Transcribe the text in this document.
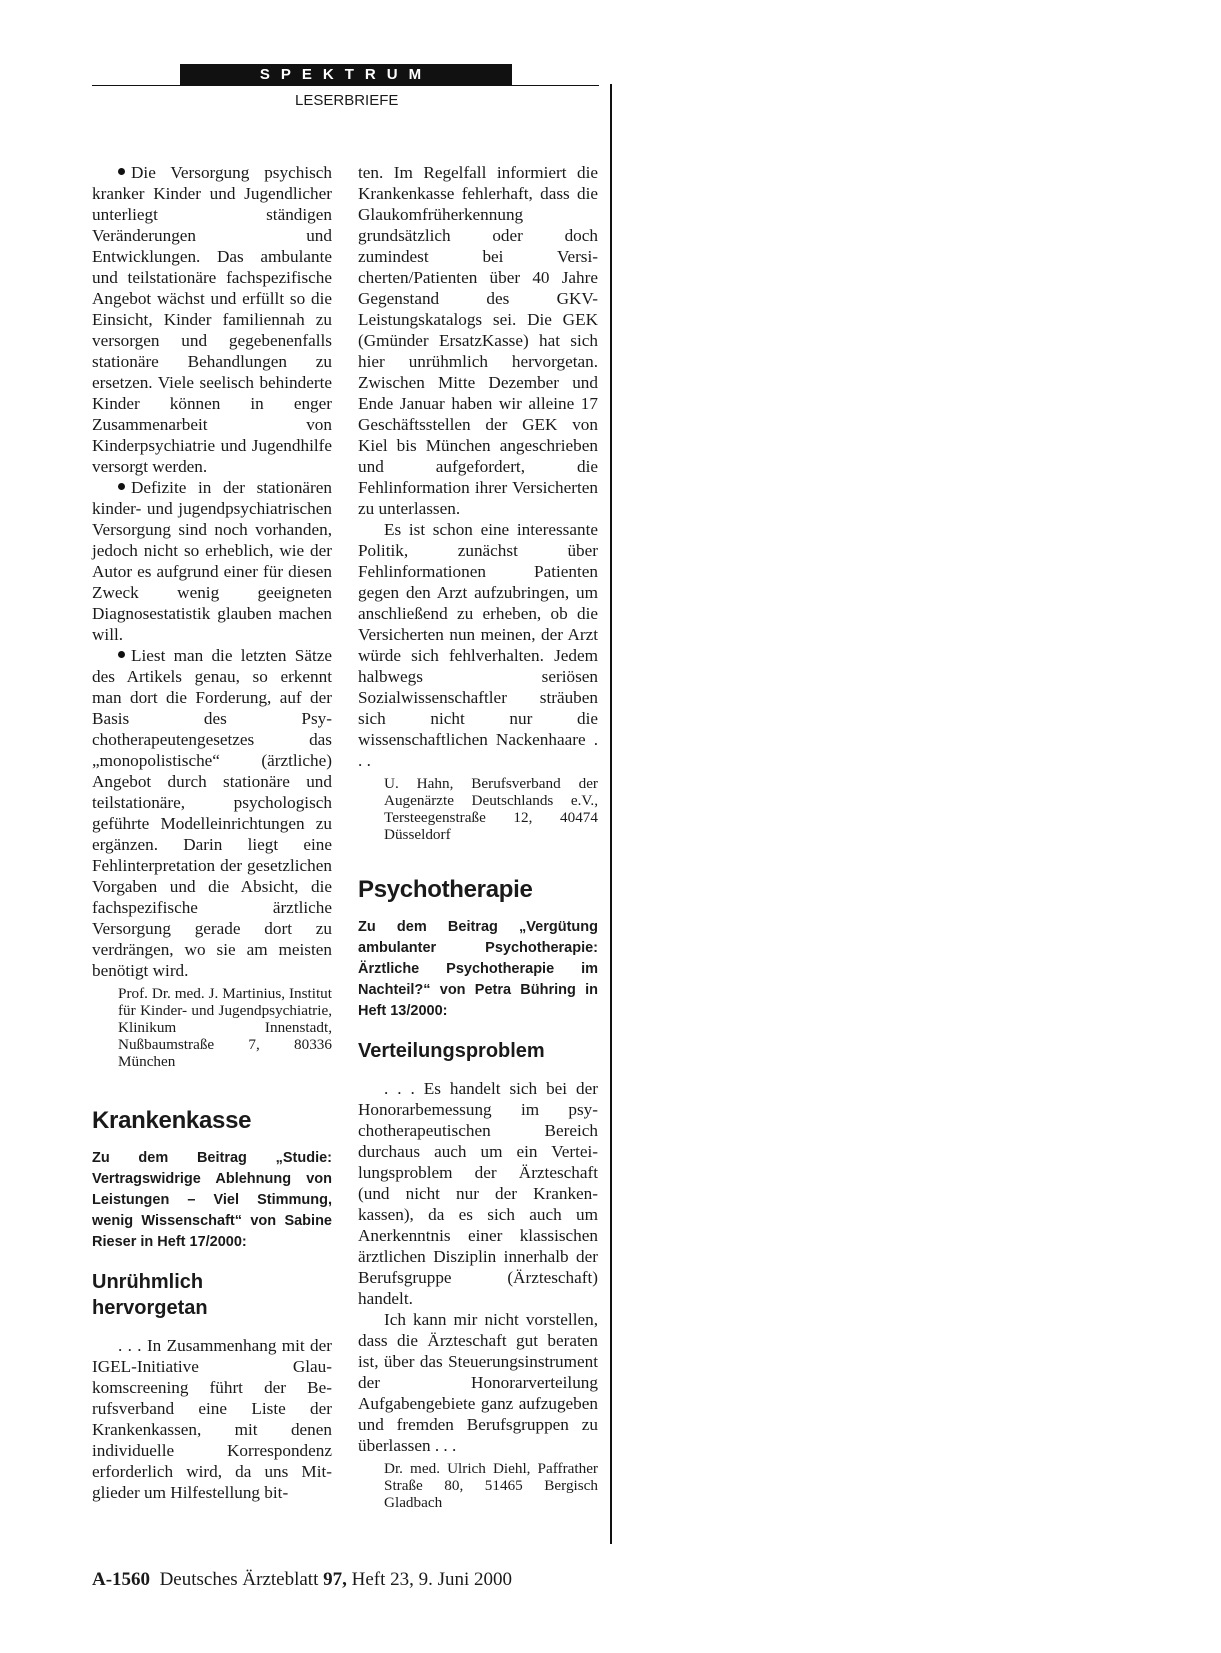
SPEKTRUM
LESERBRIEFE

Die Versorgung psychisch kranker Kinder und Jugendlicher unterliegt ständigen Veränderungen und Entwicklungen. Das ambulante und teilstationäre fachspezifische Angebot wächst und erfüllt so die Einsicht, Kinder familiennah zu versorgen und gegebenenfalls stationäre Behandlungen zu ersetzen. Viele seelisch behinderte Kinder können in enger Zusammenarbeit von Kinderpsychiatrie und Jugendhilfe versorgt werden.

Defizite in der stationären kinder- und jugendpsychiatrischen Versorgung sind noch vorhanden, jedoch nicht so erheblich, wie der Autor es aufgrund einer für diesen Zweck wenig geeigneten Diagnosestatistik glauben machen will.

Liest man die letzten Sätze des Artikels genau, so erkennt man dort die Forderung, auf der Basis des Psychotherapeutengesetzes das „monopolistische“ (ärztliche) Angebot durch stationäre und teilstationäre, psychologisch geführte Modelleinrichtungen zu ergänzen. Darin liegt eine Fehlinterpretation der gesetzlichen Vorgaben und die Absicht, die fachspezifische ärztliche Versorgung gerade dort zu verdrängen, wo sie am meisten benötigt wird.

Prof. Dr. med. J. Martinius, Institut für Kinder- und Jugendpsychiatrie, Klinikum Innenstadt, Nußbaumstraße 7, 80336 München

Krankenkasse

Zu dem Beitrag „Studie: Vertragswidrige Ablehnung von Leistungen – Viel Stimmung, wenig Wissenschaft“ von Sabine Rieser in Heft 17/2000:

Unrühmlich
hervorgetan

. . . In Zusammenhang mit der IGEL-Initiative Glaukomscreening führt der Berufsverband eine Liste der Krankenkassen, mit denen individuelle Korrespondenz erforderlich wird, da uns Mitglieder um Hilfestellung bit-

ten. Im Regelfall informiert die Krankenkasse fehlerhaft, dass die Glaukomfrüherkennung grundsätzlich oder doch zumindest bei Versicherten/Patienten über 40 Jahre Gegenstand des GKV-Leistungskatalogs sei. Die GEK (Gmünder ErsatzKasse) hat sich hier unrühmlich hervorgetan. Zwischen Mitte Dezember und Ende Januar haben wir alleine 17 Geschäftsstellen der GEK von Kiel bis München angeschrieben und aufgefordert, die Fehlinformation ihrer Versicherten zu unterlassen.

Es ist schon eine interessante Politik, zunächst über Fehlinformationen Patienten gegen den Arzt aufzubringen, um anschließend zu erheben, ob die Versicherten nun meinen, der Arzt würde sich fehlverhalten. Jedem halbwegs seriösen Sozialwissenschaftler sträuben sich nicht nur die wissenschaftlichen Nackenhaare . . .

U. Hahn, Berufsverband der Augenärzte Deutschlands e.V., Tersteegenstraße 12, 40474 Düsseldorf

Psychotherapie

Zu dem Beitrag „Vergütung ambulanter Psychotherapie: Ärztliche Psychotherapie im Nachteil?“ von Petra Bühring in Heft 13/2000:

Verteilungsproblem

. . . Es handelt sich bei der Honorarbemessung im psychotherapeutischen Bereich durchaus auch um ein Verteilungsproblem der Ärzteschaft (und nicht nur der Krankenkassen), da es sich auch um Anerkenntnis einer klassischen ärztlichen Disziplin innerhalb der Berufsgruppe (Ärzteschaft) handelt.

Ich kann mir nicht vorstellen, dass die Ärzteschaft gut beraten ist, über das Steuerungsinstrument der Honorarverteilung Aufgabengebiete ganz aufzugeben und fremden Berufsgruppen zu überlassen . . .

Dr. med. Ulrich Diehl, Paffrather Straße 80, 51465 Bergisch Gladbach

A-1560 Deutsches Ärzteblatt 97, Heft 23, 9. Juni 2000
